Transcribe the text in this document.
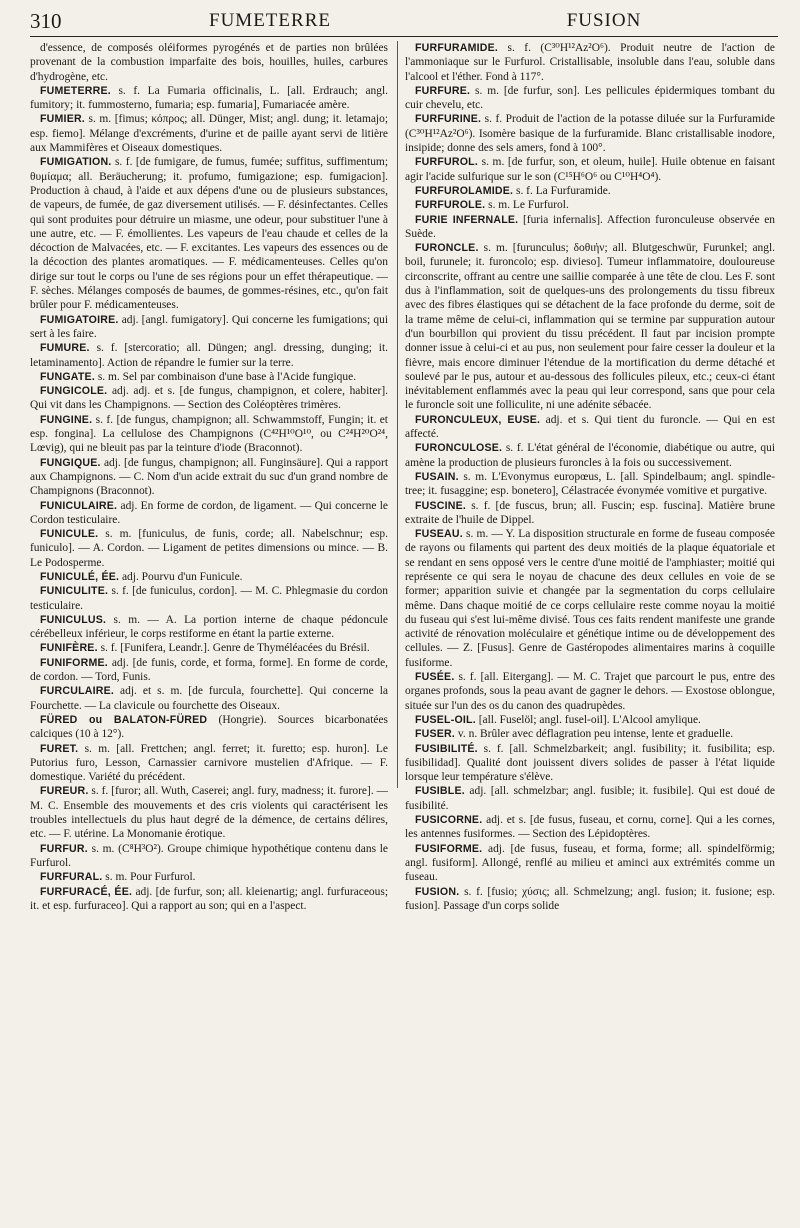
310	FUMETERRE	FUSION

d'essence, de composés oléiformes pyrogénés et de parties non brûlées provenant de la combustion imparfaite des bois, houilles, huiles, carbures d'hydrogène, etc.

FUMETERRE. s. f. La Fumaria officinalis, L. [all. Erdrauch; angl. fumitory; it. fummosterno, fumaria; esp. fumaria], Fumariacée amère.

FUMIER. s. m. [fimus; κόπρος; all. Dünger, Mist; angl. dung; it. letamajo; esp. fiemo]. Mélange d'excréments, d'urine et de paille ayant servi de litière aux Mammifères et Oiseaux domestiques.

FUMIGATION. s. f. [de fumigare, de fumus, fumée; suffitus, suffimentum; θυμίαμα; all. Beräucherung; it. profumo, fumigazione; esp. fumigacion]. Production à chaud, à l'aide et aux dépens d'une ou de plusieurs substances, de vapeurs, de fumée, de gaz diversement utilisés. — F. désinfectantes. Celles qui sont produites pour détruire un miasme, une odeur, pour substituer l'une à une autre, etc. — F. émollientes. Les vapeurs de l'eau chaude et celles de la décoction de Malvacées, etc. — F. excitantes. Les vapeurs des essences ou de la décoction des plantes aromatiques. — F. médicamenteuses. Celles qu'on dirige sur tout le corps ou l'une de ses régions pour un effet thérapeutique. — F. sèches. Mélanges composés de baumes, de gommes-résines, etc., qu'on fait brûler pour F. médicamenteuses.

FUMIGATOIRE. adj. [angl. fumigatory]. Qui concerne les fumigations; qui sert à les faire.

FUMURE. s. f. [stercoratio; all. Düngen; angl. dressing, dunging; it. letaminamento]. Action de répandre le fumier sur la terre.

FUNGATE. s. m. Sel par combinaison d'une base à l'Acide fungique.

FUNGICOLE. adj. adj. et s. [de fungus, champignon, et colere, habiter]. Qui vit dans les Champignons. — Section des Coléoptères trimères.

FUNGINE. s. f. [de fungus, champignon; all. Schwammstoff, Fungin; it. et esp. fongina]. La cellulose des Champignons (C⁴²H¹⁰O¹⁰, ou C²⁴H²⁰O²⁴, Lœvig), qui ne bleuit pas par la teinture d'iode (Braconnot).

FUNGIQUE. adj. [de fungus, champignon; all. Funginsäure]. Qui a rapport aux Champignons. — C. Nom d'un acide extrait du suc d'un grand nombre de Champignons (Braconnot).

FUNICULAIRE. adj. En forme de cordon, de ligament. — Qui concerne le Cordon testiculaire.

FUNICULE. s. m. [funiculus, de funis, corde; all. Nabelschnur; esp. funiculo]. — A. Cordon. — Ligament de petites dimensions ou mince. — B. Le Podosperme.

FUNICULÉ, ÉE. adj. Pourvu d'un Funicule.

FUNICULITE. s. f. [de funiculus, cordon]. — M. C. Phlegmasie du cordon testiculaire.

FUNICULUS. s. m. — A. La portion interne de chaque pédoncule cérébelleux inférieur, le corps restiforme en étant la partie externe.

FUNIFÈRE. s. f. [Funifera, Leandr.]. Genre de Thyméléacées du Brésil.

FUNIFORME. adj. [de funis, corde, et forma, forme]. En forme de corde, de cordon. — Tord, Funis.

FURCULAIRE. adj. et s. m. [de furcula, fourchette]. Qui concerne la Fourchette. — La clavicule ou fourchette des Oiseaux.

FÜRED ou BALATON-FÜRED (Hongrie). Sources bicarbonatées calciques (10 à 12°).

FURET. s. m. [all. Frettchen; angl. ferret; it. furetto; esp. huron]. Le Putorius furo, Lesson, Carnassier carnivore mustelien d'Afrique. — F. domestique. Variété du précédent.

FUREUR. s. f. [furor; all. Wuth, Caserei; angl. fury, madness; it. furore]. — M. C. Ensemble des mouvements et des cris violents qui caractérisent les troubles intellectuels du plus haut degré de la démence, de certains délires, etc. — F. utérine. La Monomanie érotique.

FURFUR. s. m. (C⁸H³O²). Groupe chimique hypothétique contenu dans le Furfurol.

FURFURAL. s. m. Pour Furfurol.

FURFURACÉ, ÉE. adj. [de furfur, son; all. kleienartig; angl. furfuraceous; it. et esp. furfuraceo]. Qui a rapport au son; qui en a l'aspect.

FURFURAMIDE. s. f. (C³⁰H¹²Az²O⁶). Produit neutre de l'action de l'ammoniaque sur le Furfurol. Cristallisable, insoluble dans l'eau, soluble dans l'alcool et l'éther. Fond à 117°.

FURFURE. s. m. [de furfur, son]. Les pellicules épidermiques tombant du cuir chevelu, etc.

FURFURINE. s. f. Produit de l'action de la potasse diluée sur la Furfuramide (C³⁰H¹²Az²O⁶). Isomère basique de la furfuramide. Blanc cristallisable inodore, insipide; donne des sels amers, fond à 100°.

FURFUROL. s. m. [de furfur, son, et oleum, huile]. Huile obtenue en faisant agir l'acide sulfurique sur le son (C¹⁵H⁶O⁶ ou C¹⁰H⁴O⁴).

FURFUROLAMIDE. s. f. La Furfuramide.

FURFUROLE. s. m. Le Furfurol.

FURIE INFERNALE. [furia infernalis]. Affection furonculeuse observée en Suède.

FURONCLE. s. m. [furunculus; δοθιήν; all. Blutgeschwür, Furunkel; angl. boil, furunele; it. furoncolo; esp. divieso]. Tumeur inflammatoire, douloureuse circonscrite, offrant au centre une saillie comparée à une tête de clou. Les F. sont dus à l'inflammation, soit de quelques-uns des prolongements du tissu fibreux avec des fibres élastiques qui se détachent de la face profonde du derme, soit de la trame même de celui-ci, inflammation qui se termine par suppuration autour d'un bourbillon qui provient du tissu précédent. Il faut par incision prompte donner issue à celui-ci et au pus, non seulement pour faire cesser la douleur et la fièvre, mais encore diminuer l'étendue de la mortification du derme détaché et soulevé par le pus, autour et au-dessous des follicules pileux, etc.; ceux-ci étant inévitablement enflammés avec la peau qui leur correspond, sans que pour cela le furoncle soit une folliculite, ni une adénite sébacée.

FURONCULEUX, EUSE. adj. et s. Qui tient du furoncle. — Qui en est affecté.

FURONCULOSE. s. f. L'état général de l'économie, diabétique ou autre, qui amène la production de plusieurs furoncles à la fois ou successivement.

FUSAIN. s. m. L'Evonymus europœus, L. [all. Spindelbaum; angl. spindle-tree; it. fusaggine; esp. bonetero], Célastracée évonymée vomitive et purgative.

FUSCINE. s. f. [de fuscus, brun; all. Fuscin; esp. fuscina]. Matière brune extraite de l'huile de Dippel.

FUSEAU. s. m. — Y. La disposition structurale en forme de fuseau composée de rayons ou filaments qui partent des deux moitiés de la plaque équatoriale et se rendant en sens opposé vers le centre d'une moitié de l'amphiaster; moitié qui représente ce qui sera le noyau de chacune des deux cellules en voie de se former; apparition suivie et changée par la segmentation du corps cellulaire même. Dans chaque moitié de ce corps cellulaire reste comme noyau la moitié du fuseau qui s'est lui-même divisé. Tous ces faits rendent manifeste une grande activité de rénovation moléculaire et génétique intime ou de développement des cellules. — Z. [Fusus]. Genre de Gastéropodes alimentaires marins à coquille fusiforme.

FUSÉE. s. f. [all. Eitergang]. — M. C. Trajet que parcourt le pus, entre des organes profonds, sous la peau avant de gagner le dehors. — Exostose oblongue, située sur l'un des os du canon des quadrupèdes.

FUSEL-OIL. [all. Fuselöl; angl. fusel-oil]. L'Alcool amylique.

FUSER. v. n. Brûler avec déflagration peu intense, lente et graduelle.

FUSIBILITÉ. s. f. [all. Schmelzbarkeit; angl. fusibility; it. fusibilita; esp. fusibilidad]. Qualité dont jouissent divers solides de passer à l'état liquide lorsque leur température s'élève.

FUSIBLE. adj. [all. schmelzbar; angl. fusible; it. fusibile]. Qui est doué de fusibilité.

FUSICORNE. adj. et s. [de fusus, fuseau, et cornu, corne]. Qui a les cornes, les antennes fusiformes. — Section des Lépidoptères.

FUSIFORME. adj. [de fusus, fuseau, et forma, forme; all. spindelförmig; angl. fusiform]. Allongé, renflé au milieu et aminci aux extrémités comme un fuseau.

FUSION. s. f. [fusio; χύσις; all. Schmelzung; angl. fusion; it. fusione; esp. fusion]. Passage d'un corps solide
